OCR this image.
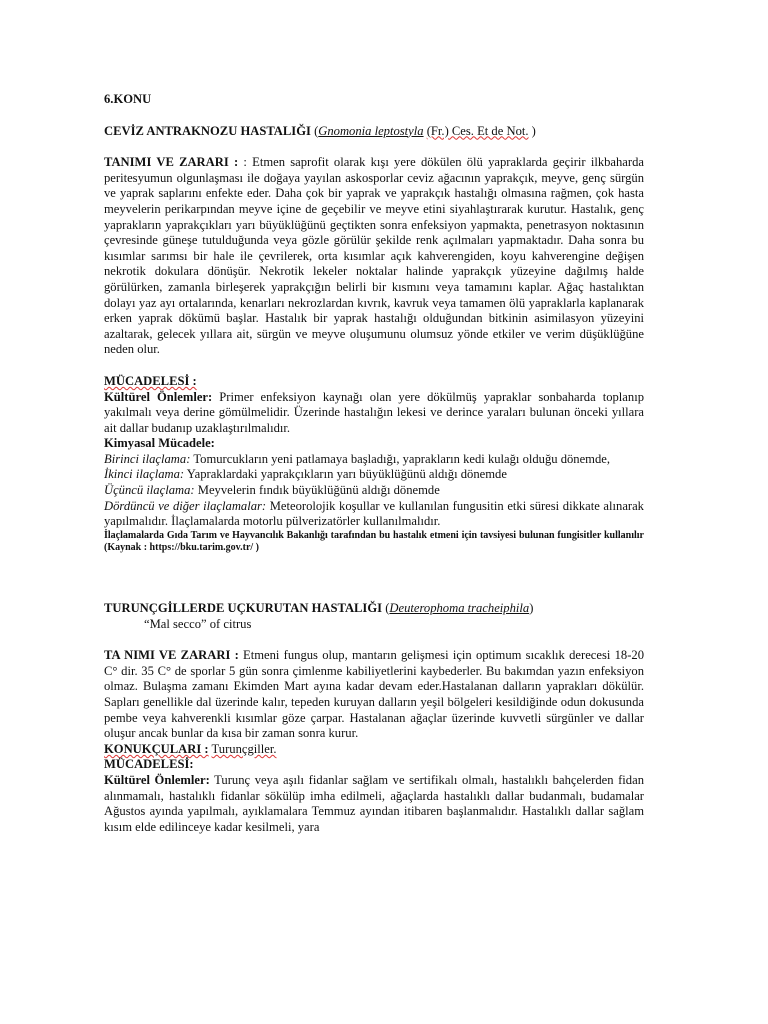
6.KONU

CEVİZ ANTRAKNOZU HASTALIĞI (Gnomonia leptostyla (Fr.) Ces. Et de Not. )

TANIMI VE ZARARI : : Etmen saprofit olarak kışı yere dökülen ölü yapraklarda geçirir ilkbaharda peritesyumun olgunlaşması ile doğaya yayılan askosporlar ceviz ağacının yaprakçık, meyve, genç sürgün ve yaprak saplarını enfekte eder. Daha çok bir yaprak ve yaprakçık hastalığı olmasına rağmen, çok hasta meyvelerin perikarpından meyve içine de geçebilir ve meyve etini siyahlaştırarak kurutur. Hastalık, genç yaprakların yaprakçıkları yarı büyüklüğünü geçtikten sonra enfeksiyon yapmakta, penetrasyon noktasının çevresinde güneşe tutulduğunda veya gözle görülür şekilde renk açılmaları yapmaktadır. Daha sonra bu kısımlar sarımsı bir hale ile çevrilerek, orta kısımlar açık kahverengiden, koyu kahverengine değişen nekrotik dokulara dönüşür. Nekrotik lekeler noktalar halinde yaprakçık yüzeyine dağılmış halde görülürken, zamanla birleşerek yaprakçığın belirli bir kısmını veya tamamını kaplar. Ağaç hastalıktan dolayı yaz ayı ortalarında, kenarları nekrozlardan kıvrık, kavruk veya tamamen ölü yapraklarla kaplanarak erken yaprak dökümü başlar. Hastalık bir yaprak hastalığı olduğundan bitkinin asimilasyon yüzeyini azaltarak, gelecek yıllara ait, sürgün ve meyve oluşumunu olumsuz yönde etkiler ve verim düşüklüğüne neden olur.

MÜCADELESİ :

Kültürel Önlemler: Primer enfeksiyon kaynağı olan yere dökülmüş yapraklar sonbaharda toplanıp yakılmalı veya derine gömülmelidir. Üzerinde hastalığın lekesi ve derince yaraları bulunan önceki yıllara ait dallar budanıp uzaklaştırılmalıdır.

Kimyasal Mücadele:

Birinci ilaçlama: Tomurcukların yeni patlamaya başladığı, yaprakların kedi kulağı olduğu dönemde,

İkinci ilaçlama: Yapraklardaki yaprakçıkların yarı büyüklüğünü aldığı dönemde

Üçüncü ilaçlama: Meyvelerin fındık büyüklüğünü aldığı dönemde

Dördüncü ve diğer ilaçlamalar: Meteorolojik koşullar ve kullanılan fungusitin etki süresi dikkate alınarak yapılmalıdır. İlaçlamalarda motorlu pülverizatörler kullanılmalıdır.

İlaçlamalarda Gıda Tarım ve Hayvancılık Bakanlığı tarafından bu hastalık etmeni için tavsiyesi bulunan fungisitler kullanılır (Kaynak : https://bku.tarim.gov.tr/ )

TURUNÇGİLLERDE UÇKURUTAN HASTALIĞI (Deuterophoma tracheiphila)

“Mal secco” of citrus

TA NIMI VE ZARARI : Etmeni fungus olup, mantarın gelişmesi için optimum sıcaklık derecesi 18-20 C° dir. 35 C° de sporlar 5 gün sonra çimlenme kabiliyetlerini kaybederler. Bu bakımdan yazın enfeksiyon olmaz. Bulaşma zamanı Ekimden Mart ayına kadar devam eder.Hastalanan dalların yaprakları dökülür. Sapları genellikle dal üzerinde kalır, tepeden kuruyan dalların yeşil bölgeleri kesildiğinde odun dokusunda pembe veya kahverenkli kısımlar göze çarpar. Hastalanan ağaçlar üzerinde kuvvetli sürgünler ve dallar oluşur ancak bunlar da kısa bir zaman sonra kurur.

KONUKÇULARI : Turunçgiller.

MÜCADELESİ:

Kültürel Önlemler: Turunç veya aşılı fidanlar sağlam ve sertifikalı olmalı, hastalıklı bahçelerden fidan alınmamalı, hastalıklı fidanlar sökülüp imha edilmeli, ağaçlarda hastalıklı dallar budanmalı, budamalar Ağustos ayında yapılmalı, ayıklamalara Temmuz ayından itibaren başlanmalıdır. Hastalıklı dallar sağlam kısım elde edilinceye kadar kesilmeli, yara
